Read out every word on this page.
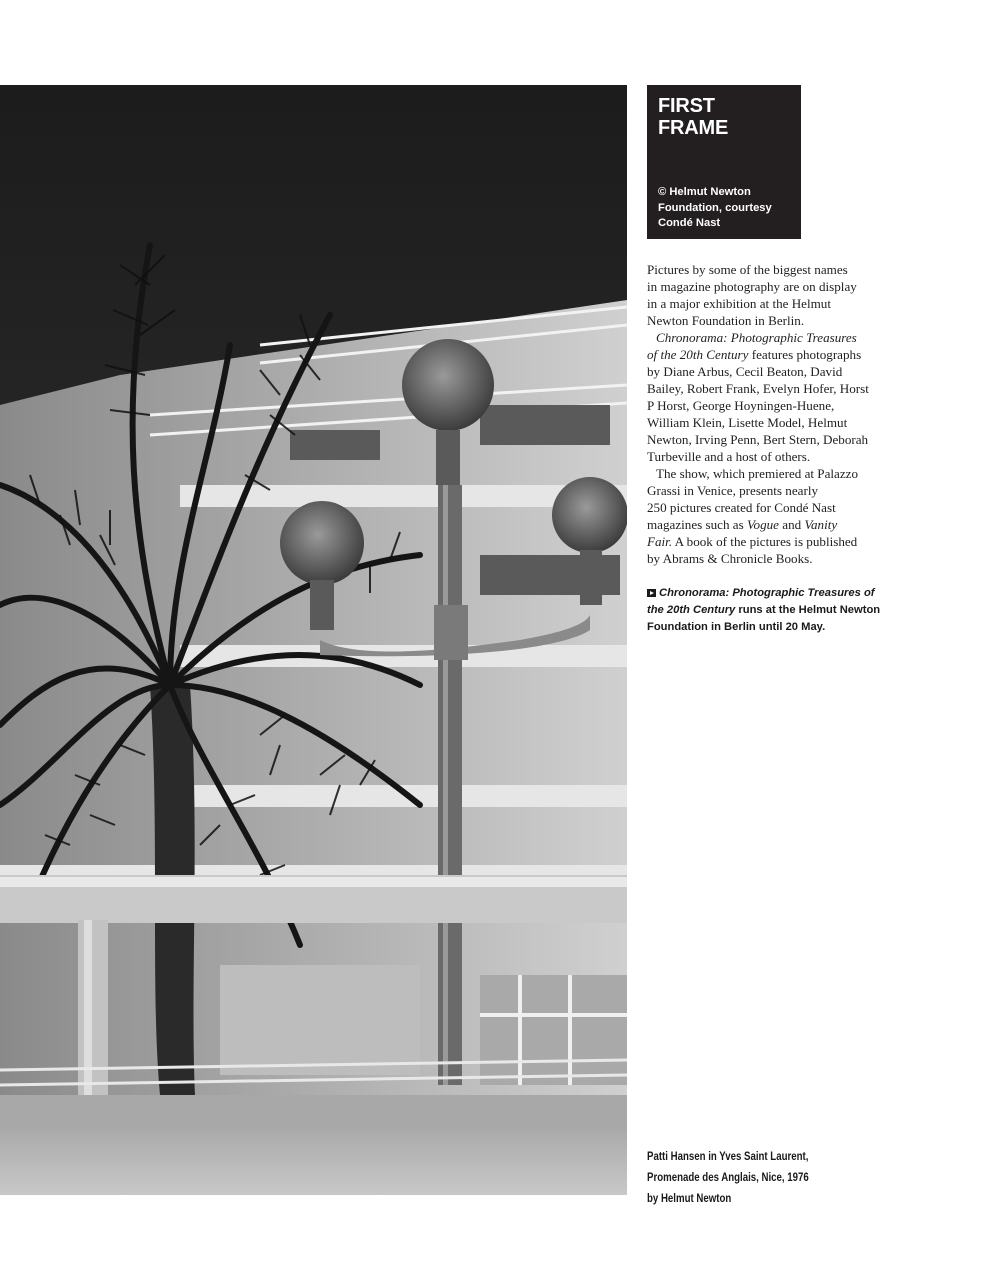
FIRST FRAME
© Helmut Newton
Foundation, courtesy
Condé Nast

Pictures by some of the biggest names
in magazine photography are on display
in a major exhibition at the Helmut
Newton Foundation in Berlin.

Chronorama: Photographic Treasures
of the 20th Century features photographs
by Diane Arbus, Cecil Beaton, David
Bailey, Robert Frank, Evelyn Hofer, Horst
P Horst, George Hoyningen-Huene,
William Klein, Lisette Model, Helmut
Newton, Irving Penn, Bert Stern, Deborah
Turbeville and a host of others.

The show, which premiered at Palazzo
Grassi in Venice, presents nearly
250 pictures created for Condé Nast
magazines such as Vogue and Vanity
Fair. A book of the pictures is published
by Abrams & Chronicle Books.

Chronorama: Photographic Treasures of
the 20th Century runs at the Helmut Newton
Foundation in Berlin until 20 May.
Patti Hansen in Yves Saint Laurent,
Promenade des Anglais, Nice, 1976
by Helmut Newton
